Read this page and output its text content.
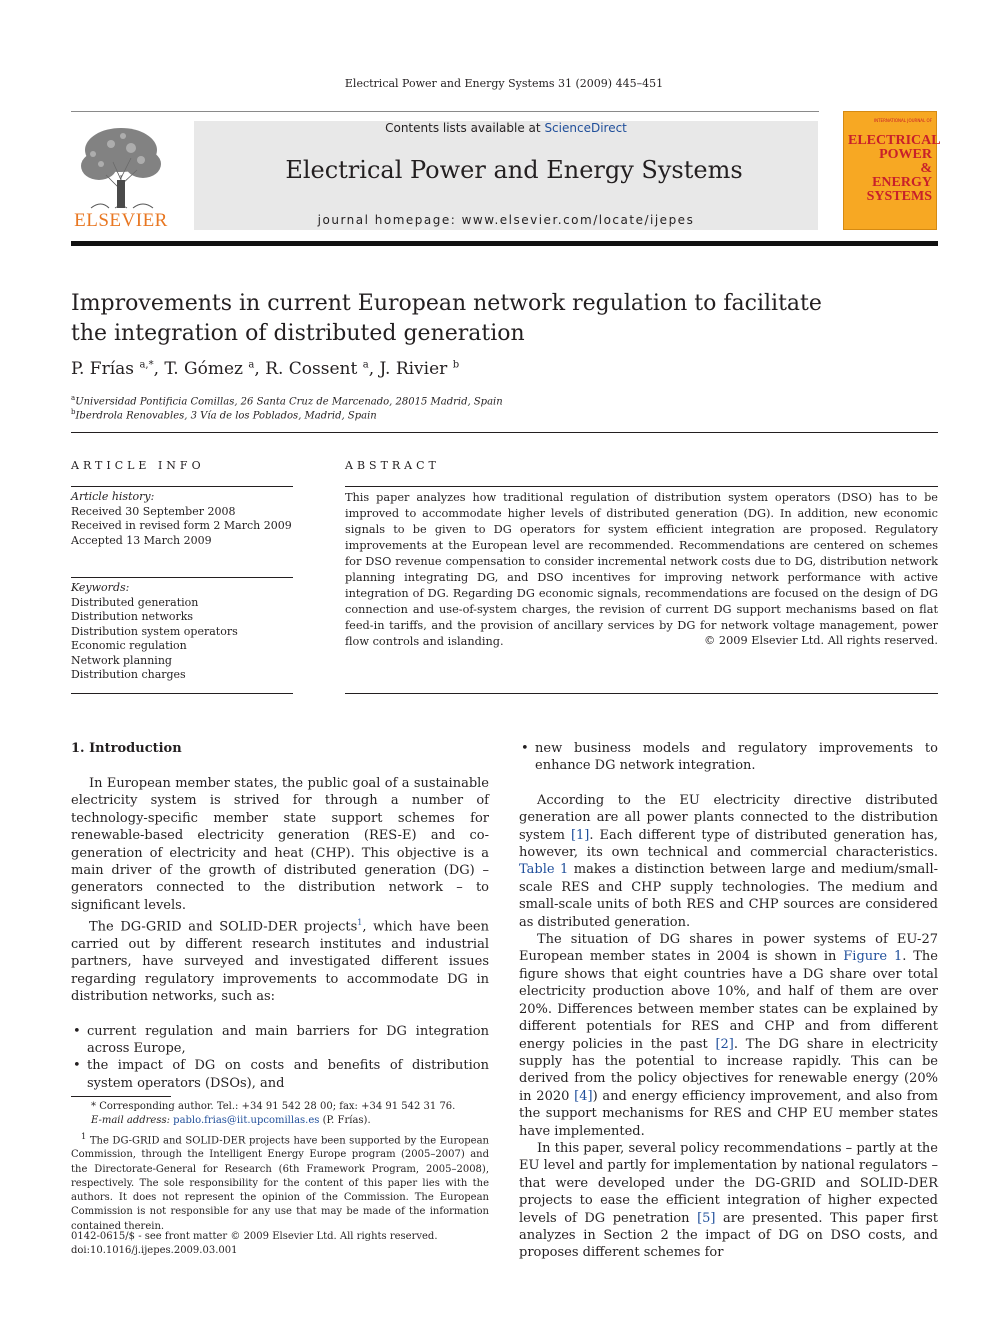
Electrical Power and Energy Systems 31 (2009) 445–451
ELSEVIER
Contents lists available at ScienceDirect
Electrical Power and Energy Systems
journal homepage: www.elsevier.com/locate/ijepes
INTERNATIONAL JOURNAL OF
ELECTRICAL
POWER
&
ENERGY
SYSTEMS
Improvements in current European network regulation to facilitate the integration of distributed generation
P. Frías $^{a,*}$, T. Gómez $^a$, R. Cossent $^a$, J. Rivier $^b$
$^a$Universidad Pontificia Comillas, 26 Santa Cruz de Marcenado, 28015 Madrid, Spain
$^b$Iberdrola Renovables, 3 Vía de los Poblados, Madrid, Spain
ARTICLE INFO	ABSTRACT
Article history:
Received 30 September 2008
Received in revised form 2 March 2009
Accepted 13 March 2009
Keywords:
Distributed generation
Distribution networks
Distribution system operators
Economic regulation
Network planning
Distribution charges
This paper analyzes how traditional regulation of distribution system operators (DSO) has to be improved to accommodate higher levels of distributed generation (DG). In addition, new economic signals to be given to DG operators for system efficient integration are proposed. Regulatory improvements at the European level are recommended. Recommendations are centered on schemes for DSO revenue compensation to consider incremental network costs due to DG, distribution network planning integrating DG, and DSO incentives for improving network performance with active integration of DG. Regarding DG economic signals, recommendations are focused on the design of DG connection and use-of-system charges, the revision of current DG support mechanisms based on flat feed-in tariffs, and the provision of ancillary services by DG for network voltage management, power flow controls and islanding.	© 2009 Elsevier Ltd. All rights reserved.
1. Introduction

In European member states, the public goal of a sustainable electricity system is strived for through a number of technology-specific member state support schemes for renewable-based electricity generation (RES-E) and co-generation of electricity and heat (CHP). This objective is a main driver of the growth of distributed generation (DG) – generators connected to the distribution network – to significant levels.

The DG-GRID and SOLID-DER projects$^1$, which have been carried out by different research institutes and industrial partners, have surveyed and investigated different issues regarding regulatory improvements to accommodate DG in distribution networks, such as:

• current regulation and main barriers for DG integration across Europe,
• the impact of DG on costs and benefits of distribution system operators (DSOs), and
• new business models and regulatory improvements to enhance DG network integration.

According to the EU electricity directive distributed generation are all power plants connected to the distribution system [1]. Each different type of distributed generation has, however, its own technical and commercial characteristics. Table 1 makes a distinction between large and medium/small-scale RES and CHP supply technologies. The medium and small-scale units of both RES and CHP sources are considered as distributed generation.

The situation of DG shares in power systems of EU-27 European member states in 2004 is shown in Figure 1. The figure shows that eight countries have a DG share over total electricity production above 10%, and half of them are over 20%. Differences between member states can be explained by different potentials for RES and CHP and from different energy policies in the past [2]. The DG share in electricity supply has the potential to increase rapidly. This can be derived from the policy objectives for renewable energy (20% in 2020 [4]) and energy efficiency improvement, and also from the support mechanisms for RES and CHP EU member states have implemented.

In this paper, several policy recommendations – partly at the EU level and partly for implementation by national regulators – that were developed under the DG-GRID and SOLID-DER projects to ease the efficient integration of higher expected levels of DG penetration [5] are presented. This paper first analyzes in Section 2 the impact of DG on DSO costs, and proposes different schemes for

* Corresponding author. Tel.: +34 91 542 28 00; fax: +34 91 542 31 76.

E-mail address: pablo.frias@iit.upcomillas.es (P. Frías).

$^1$ The DG-GRID and SOLID-DER projects have been supported by the European Commission, through the Intelligent Energy Europe program (2005–2007) and the Directorate-General for Research (6th Framework Program, 2005–2008), respectively. The sole responsibility for the content of this paper lies with the authors. It does not represent the opinion of the Commission. The European Commission is not responsible for any use that may be made of the information contained therein.

0142-0615/$ - see front matter © 2009 Elsevier Ltd. All rights reserved.
doi:10.1016/j.ijepes.2009.03.001
